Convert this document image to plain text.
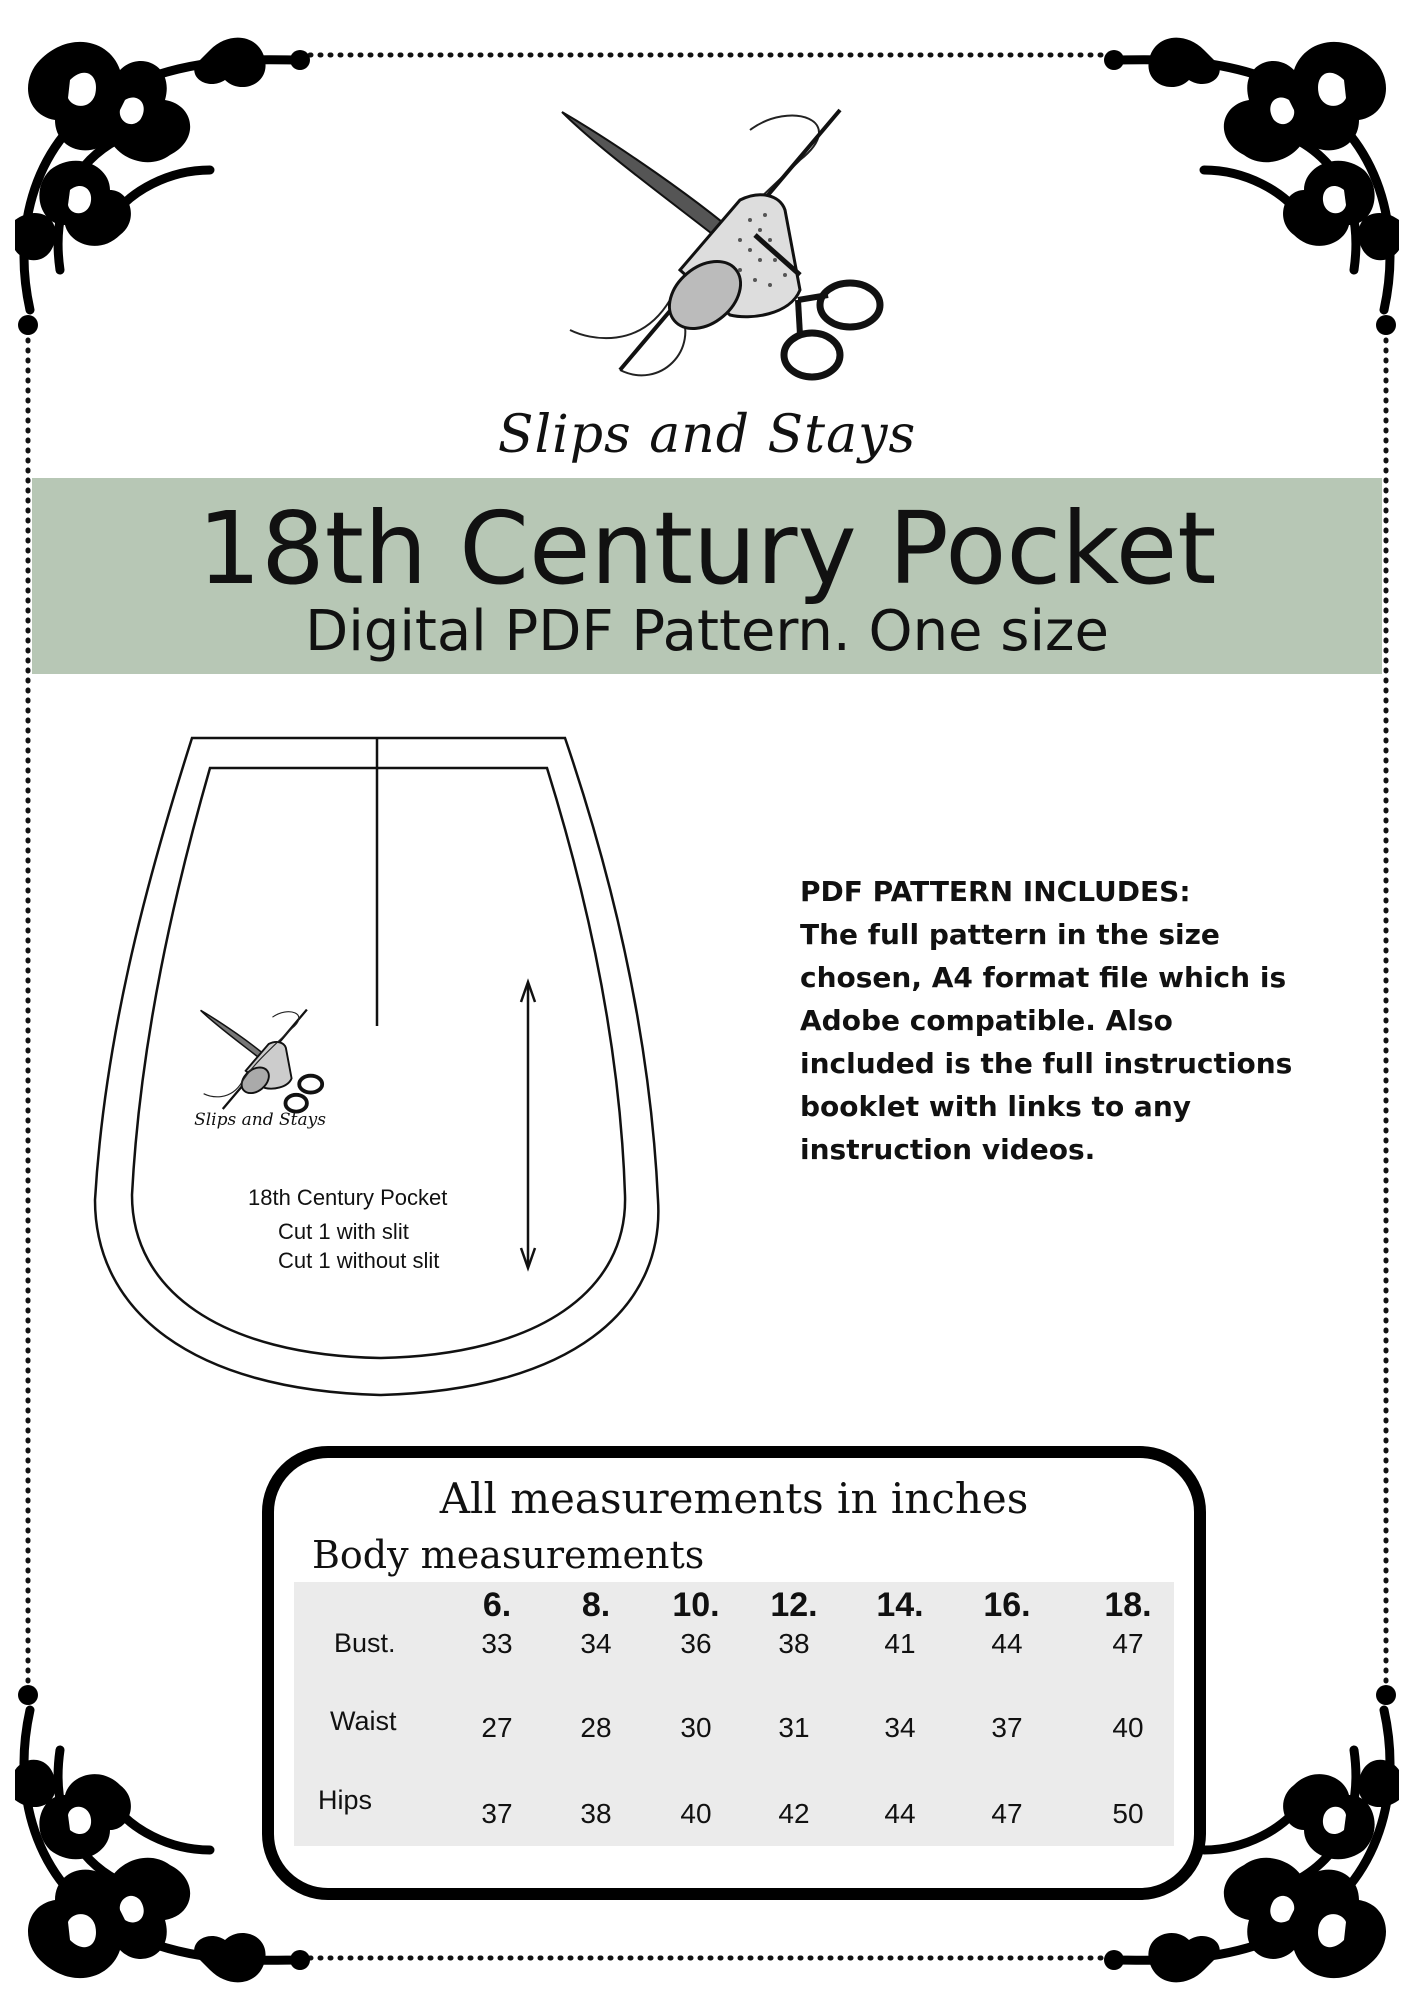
Slips and Stays
18th Century Pocket
Digital PDF Pattern. One size
Slips and Stays
18th Century Pocket
Cut 1 with slit
Cut 1 without slit
PDF PATTERN INCLUDES:
The full pattern in the size
chosen, A4 format file which is
Adobe compatible. Also
included is the full instructions
booklet with links to any
instruction videos.
All measurements in inches
Body measurements
6. 8. 10. 12. 14. 16. 18.
Bust.	33 34 36 38	41	44	47
Waist	27 28 30 31	34	37	40
Hips	37 38 40 42	44	47	50
